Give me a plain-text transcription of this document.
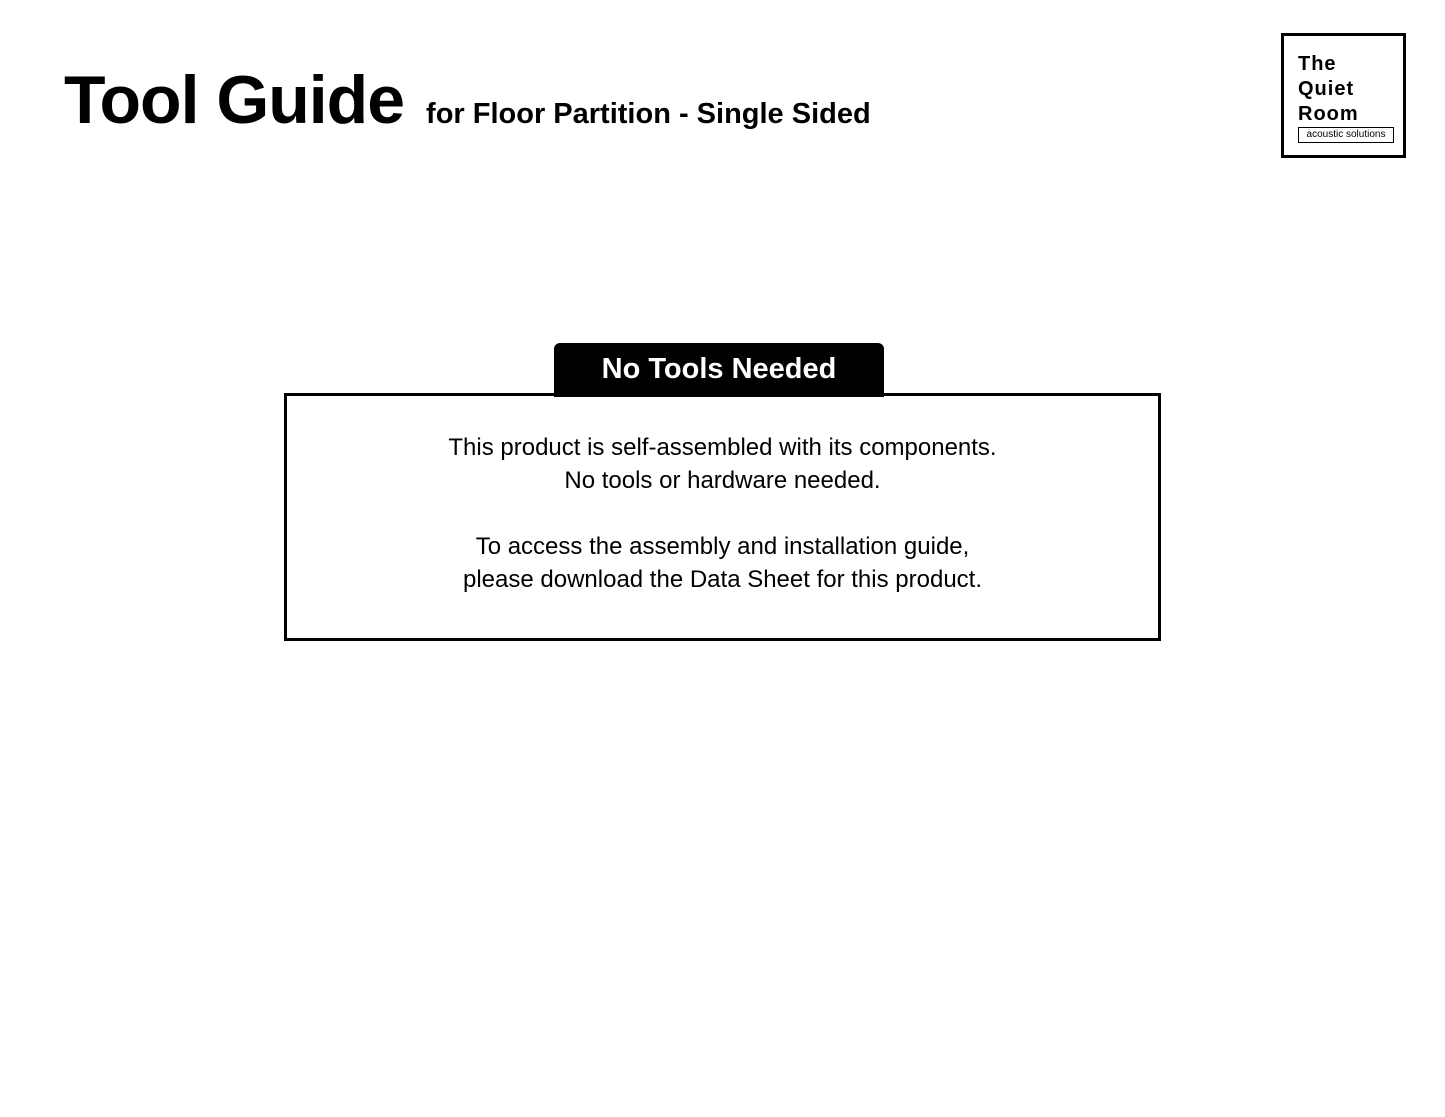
Tool Guide for Floor Partition - Single Sided
The
Quiet
Room
acoustic solutions
This product is self-assembled with its components.
No tools or hardware needed.
To access the assembly and installation guide,
please download the Data Sheet for this product.
No Tools Needed
